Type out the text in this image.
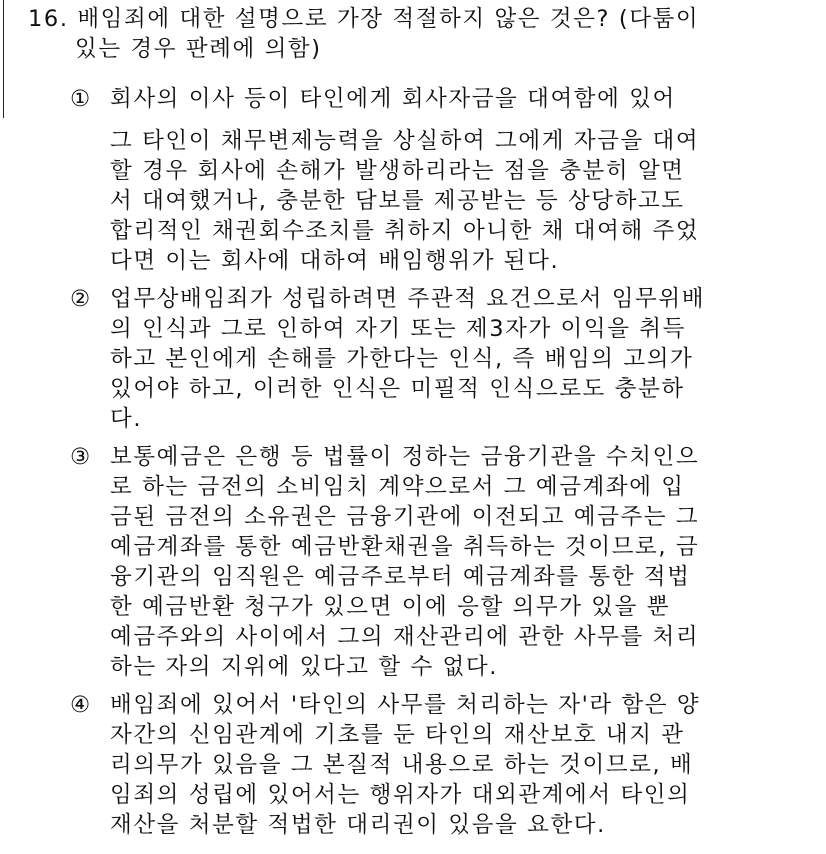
16. 배임죄에 대한 설명으로 가장 적절하지 않은 것은? (다툼이
있는 경우 판례에 의함)
① 회사의 이사 등이 타인에게 회사자금을 대여함에 있어
그 타인이 채무변제능력을 상실하여 그에게 자금을 대여
할 경우 회사에 손해가 발생하리라는 점을 충분히 알면
서 대여했거나, 충분한 담보를 제공받는 등 상당하고도
합리적인 채권회수조치를 취하지 아니한 채 대여해 주었
다면 이는 회사에 대하여 배임행위가 된다.
② 업무상배임죄가 성립하려면 주관적 요건으로서 임무위배
의 인식과 그로 인하여 자기 또는 제3자가 이익을 취득
하고 본인에게 손해를 가한다는 인식, 즉 배임의 고의가
있어야 하고, 이러한 인식은 미필적 인식으로도 충분하
다.
③ 보통예금은 은행 등 법률이 정하는 금융기관을 수치인으
로 하는 금전의 소비임치 계약으로서 그 예금계좌에 입
금된 금전의 소유권은 금융기관에 이전되고 예금주는 그
예금계좌를 통한 예금반환채권을 취득하는 것이므로, 금
융기관의 임직원은 예금주로부터 예금계좌를 통한 적법
한 예금반환 청구가 있으면 이에 응할 의무가 있을 뿐
예금주와의 사이에서 그의 재산관리에 관한 사무를 처리
하는 자의 지위에 있다고 할 수 없다.
④ 배임죄에 있어서 '타인의 사무를 처리하는 자'라 함은 양
자간의 신임관계에 기초를 둔 타인의 재산보호 내지 관
리의무가 있음을 그 본질적 내용으로 하는 것이므로, 배
임죄의 성립에 있어서는 행위자가 대외관계에서 타인의
재산을 처분할 적법한 대리권이 있음을 요한다.
